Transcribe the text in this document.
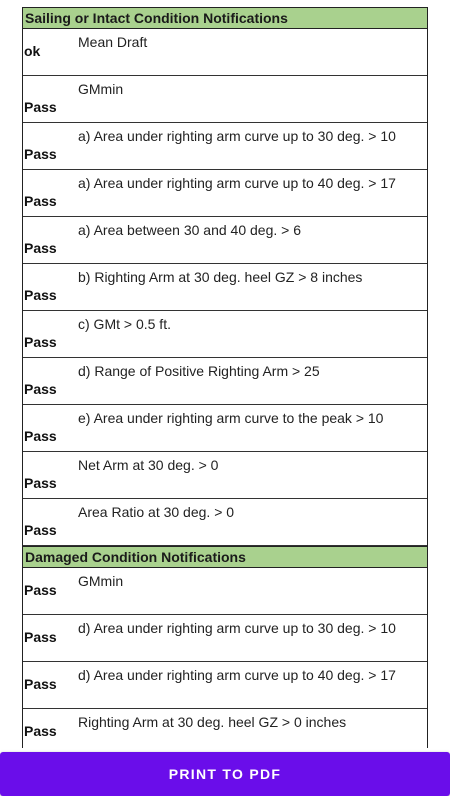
Sailing or Intact Condition Notifications
ok
Mean Draft
Pass
GMmin
Pass
a) Area under righting arm curve up to 30 deg. > 10
Pass
a) Area under righting arm curve up to 40 deg. > 17
Pass
a) Area between 30 and 40 deg. > 6
Pass
b) Righting Arm at 30 deg. heel GZ > 8 inches
Pass
c) GMt > 0.5 ft.
Pass
d) Range of Positive Righting Arm > 25
Pass
e) Area under righting arm curve to the peak > 10
Pass
Net Arm at 30 deg. > 0
Pass
Area Ratio at 30 deg. > 0
Damaged Condition Notifications
Pass
GMmin
Pass
d) Area under righting arm curve up to 30 deg. > 10
Pass
d) Area under righting arm curve up to 40 deg. > 17
Pass
Righting Arm at 30 deg. heel GZ > 0 inches
PRINT TO PDF
